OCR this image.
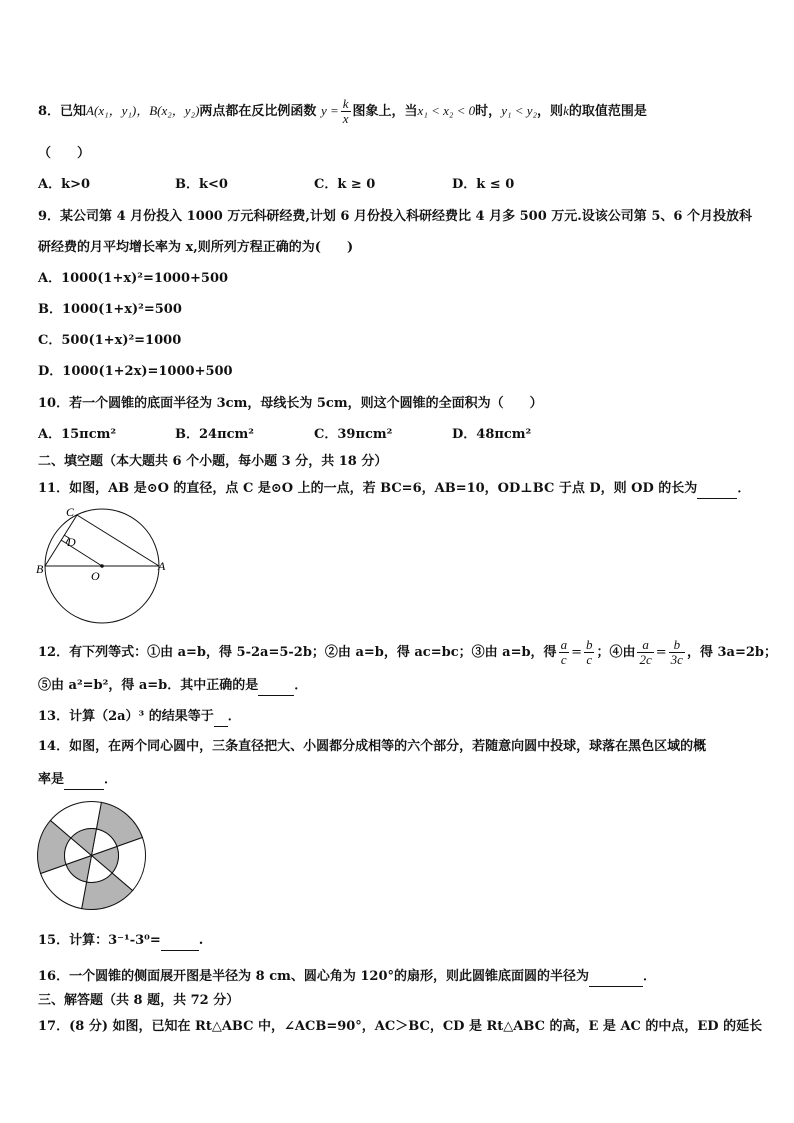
8．已知A(x₁，y₁)，B(x₂，y₂)两点都在反比例函数 $y = \frac{k}{x}$ 图象上，当x₁ < x₂ < 0时，y₁ < y₂，则k的取值范围是
（　　）
A．k>0	B．k<0	C．k ≥ 0	D．k ≤ 0
9．某公司第 4 月份投入 1000 万元科研经费,计划 6 月份投入科研经费比 4 月多 500 万元.设该公司第 5、6 个月投放科
研经费的月平均增长率为 x,则所列方程正确的为(　　)
A．1000(1+x)²=1000+500
B．1000(1+x)²=500
C．500(1+x)²=1000
D．1000(1+2x)=1000+500
10．若一个圆锥的底面半径为 3cm，母线长为 5cm，则这个圆锥的全面积为（　　）
A．15πcm²	B．24πcm²	C．39πcm²	D．48πcm²
二、填空题（本大题共 6 个小题，每小题 3 分，共 18 分）
11．如图，AB 是⊙O 的直径，点 C 是⊙O 上的一点，若 BC=6，AB=10，OD⊥BC 于点 D，则 OD 的长为	．
C
D
B	O
A
12．有下列等式：①由 a=b，得 5-2a=5-2b；②由 a=b，得 ac=bc；③由 a=b，得 $\frac{a}{c} = \frac{b}{c}$ ；④由 $\frac{a}{2c} = \frac{b}{3c}$ ，得 3a=2b；
⑤由 a²=b²，得 a=b．其中正确的是	．
13．计算（2a）³ 的结果等于 ．
14．如图，在两个同心圆中，三条直径把大、小圆都分成相等的六个部分，若随意向圆中投球，球落在黑色区域的概
率是	．
15．计算：3⁻¹-3⁰=	.
16．一个圆锥的侧面展开图是半径为 8 cm、圆心角为 120°的扇形，则此圆锥底面圆的半径为	．
三、解答题（共 8 题，共 72 分）
17．(8 分) 如图，已知在 Rt△ABC 中，∠ACB=90°，AC＞BC，CD 是 Rt△ABC 的高，E 是 AC 的中点，ED 的延长
